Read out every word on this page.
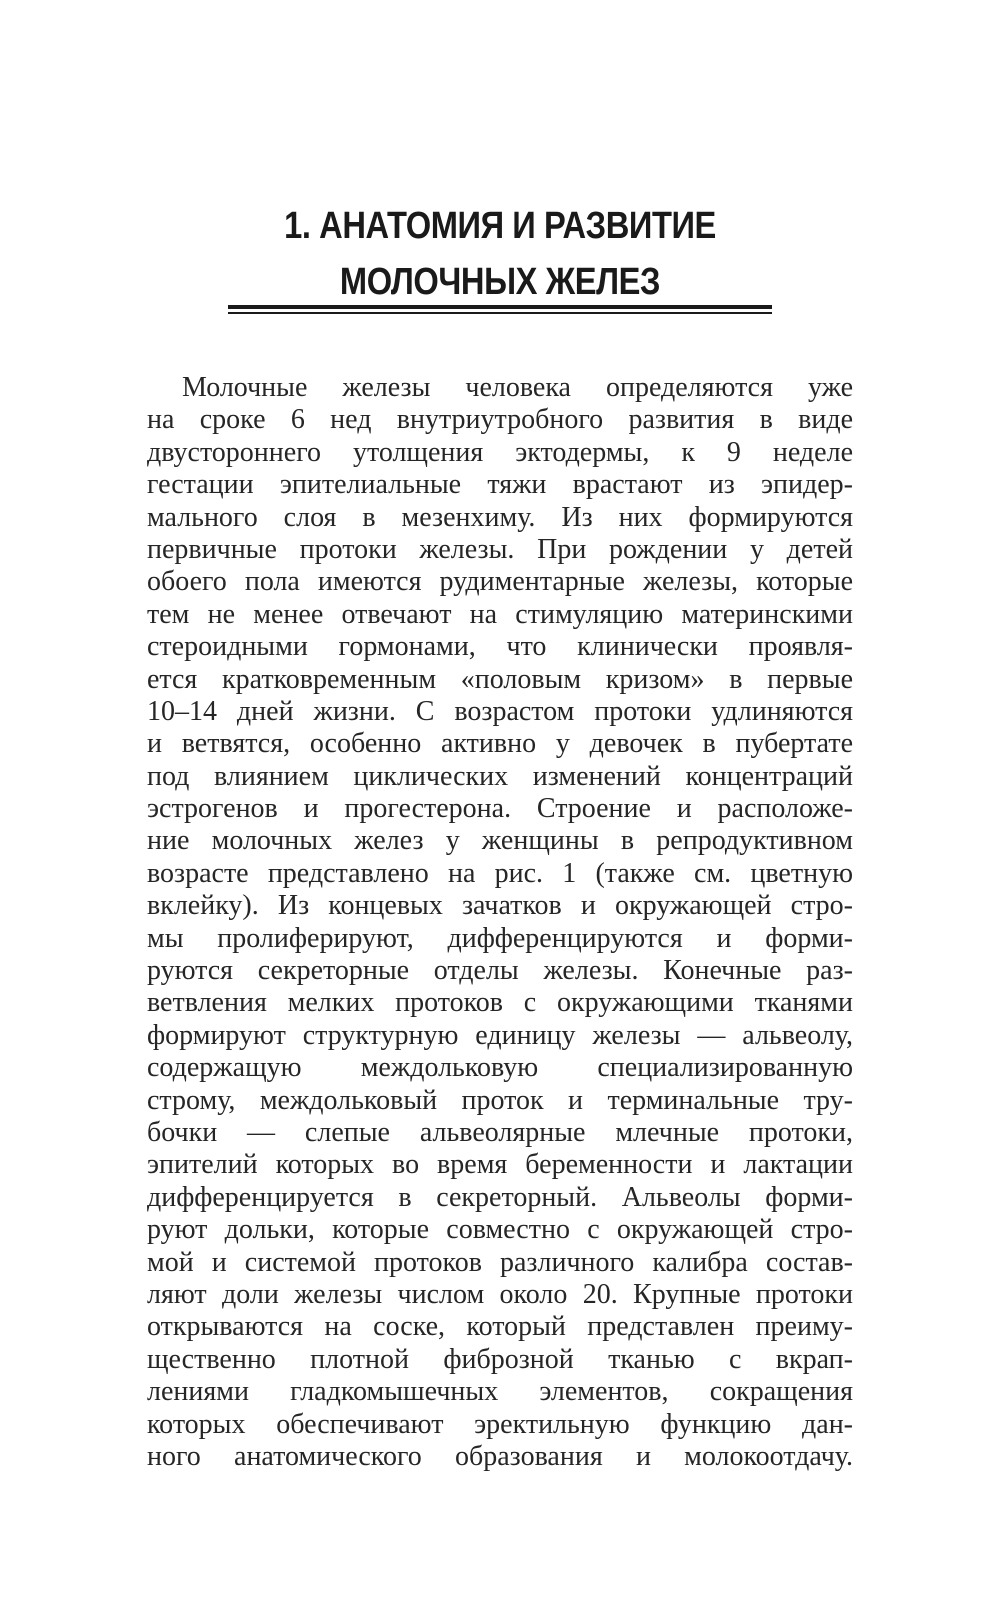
1. АНАТОМИЯ И РАЗВИТИЕ
МОЛОЧНЫХ ЖЕЛЕЗ
Молочные железы человека определяются уже
на сроке 6 нед внутриутробного развития в виде
двустороннего утолщения эктодермы, к 9 неделе
гестации эпителиальные тяжи врастают из эпидер-
мального слоя в мезенхиму. Из них формируются
первичные протоки железы. При рождении у детей
обоего пола имеются рудиментарные железы, которые
тем не менее отвечают на стимуляцию материнскими
стероидными гормонами, что клинически проявля-
ется кратковременным «половым кризом» в первые
10–14 дней жизни. С возрастом протоки удлиняются
и ветвятся, особенно активно у девочек в пубертате
под влиянием циклических изменений концентраций
эстрогенов и прогестерона. Строение и расположе-
ние молочных желез у женщины в репродуктивном
возрасте представлено на рис. 1 (также см. цветную
вклейку). Из концевых зачатков и окружающей стро-
мы пролиферируют, дифференцируются и форми-
руются секреторные отделы железы. Конечные раз-
ветвления мелких протоков с окружающими тканями
формируют структурную единицу железы — альвеолу,
содержащую междольковую специализированную
строму, междольковый проток и терминальные тру-
бочки — слепые альвеолярные млечные протоки,
эпителий которых во время беременности и лактации
дифференцируется в секреторный. Альвеолы форми-
руют дольки, которые совместно с окружающей стро-
мой и системой протоков различного калибра состав-
ляют доли железы числом около 20. Крупные протоки
открываются на соске, который представлен преиму-
щественно плотной фиброзной тканью с вкрап-
лениями гладкомышечных элементов, сокращения
которых обеспечивают эректильную функцию дан-
ного анатомического образования и молокоотдачу.
